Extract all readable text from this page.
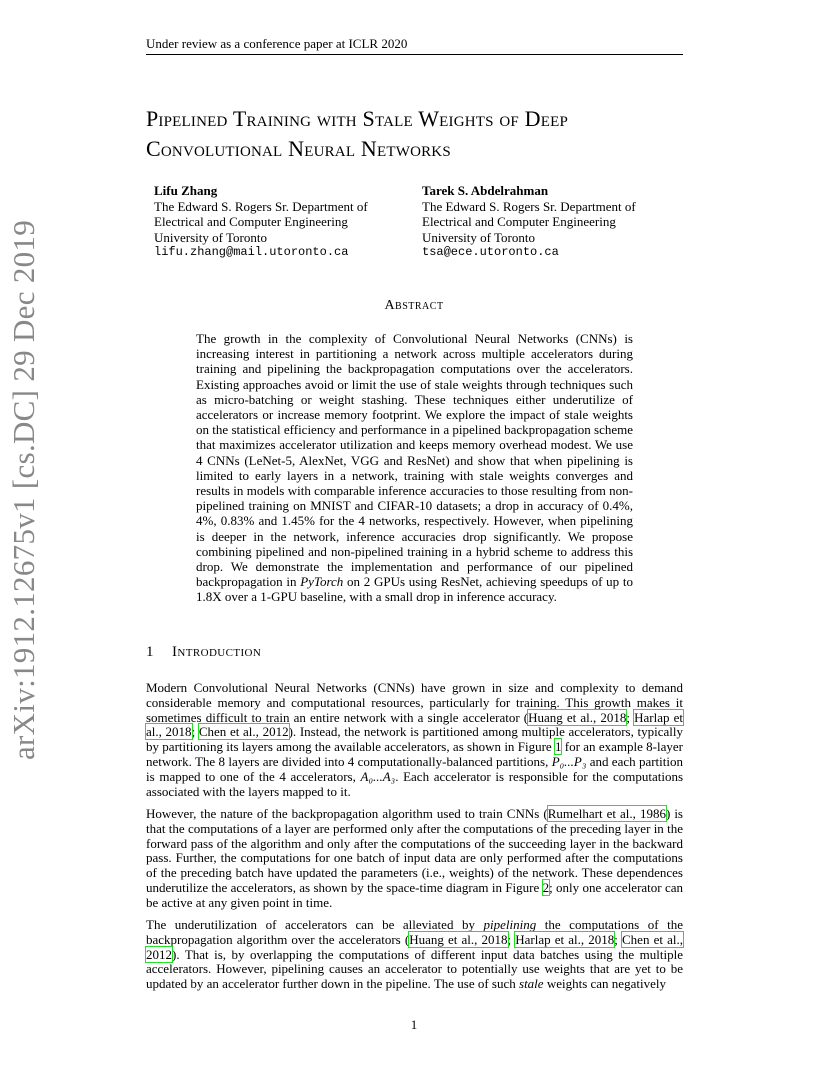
Under review as a conference paper at ICLR 2020
Pipelined Training with Stale Weights of Deep
Convolutional Neural Networks
Lifu Zhang
The Edward S. Rogers Sr. Department of
Electrical and Computer Engineering
University of Toronto
lifu.zhang@mail.utoronto.ca
Tarek S. Abdelrahman
The Edward S. Rogers Sr. Department of
Electrical and Computer Engineering
University of Toronto
tsa@ece.utoronto.ca
Abstract
The growth in the complexity of Convolutional Neural Networks (CNNs) is increasing interest in partitioning a network across multiple accelerators during training and pipelining the backpropagation computations over the accelerators. Existing approaches avoid or limit the use of stale weights through techniques such as micro-batching or weight stashing. These techniques either underutilize of accelerators or increase memory footprint. We explore the impact of stale weights on the statistical efficiency and performance in a pipelined backpropagation scheme that maximizes accelerator utilization and keeps memory overhead modest. We use 4 CNNs (LeNet-5, AlexNet, VGG and ResNet) and show that when pipelining is limited to early layers in a network, training with stale weights converges and results in models with comparable inference accuracies to those resulting from non-pipelined training on MNIST and CIFAR-10 datasets; a drop in accuracy of 0.4%, 4%, 0.83% and 1.45% for the 4 networks, respectively. However, when pipelining is deeper in the network, inference accuracies drop significantly. We propose combining pipelined and non-pipelined training in a hybrid scheme to address this drop. We demonstrate the implementation and performance of our pipelined backpropagation in PyTorch on 2 GPUs using ResNet, achieving speedups of up to 1.8X over a 1-GPU baseline, with a small drop in inference accuracy.
arXiv:1912.12675v1 [cs.DC] 29 Dec 2019	1 Introduction
Modern Convolutional Neural Networks (CNNs) have grown in size and complexity to demand considerable memory and computational resources, particularly for training. This growth makes it sometimes difficult to train an entire network with a single accelerator (Huang et al., 2018; Harlap et al., 2018; Chen et al., 2012). Instead, the network is partitioned among multiple accelerators, typically by partitioning its layers among the available accelerators, as shown in Figure 1 for an example 8-layer network. The 8 layers are divided into 4 computationally-balanced partitions, P₀...P₃ and each partition is mapped to one of the 4 accelerators, A₀...A₃. Each accelerator is responsible for the computations associated with the layers mapped to it.
However, the nature of the backpropagation algorithm used to train CNNs (Rumelhart et al., 1986) is that the computations of a layer are performed only after the computations of the preceding layer in the forward pass of the algorithm and only after the computations of the succeeding layer in the backward pass. Further, the computations for one batch of input data are only performed after the computations of the preceding batch have updated the parameters (i.e., weights) of the network. These dependences underutilize the accelerators, as shown by the space-time diagram in Figure 2; only one accelerator can be active at any given point in time.
The underutilization of accelerators can be alleviated by pipelining the computations of the backpropagation algorithm over the accelerators (Huang et al., 2018; Harlap et al., 2018; Chen et al., 2012). That is, by overlapping the computations of different input data batches using the multiple accelerators. However, pipelining causes an accelerator to potentially use weights that are yet to be updated by an accelerator further down in the pipeline. The use of such stale weights can negatively
1
